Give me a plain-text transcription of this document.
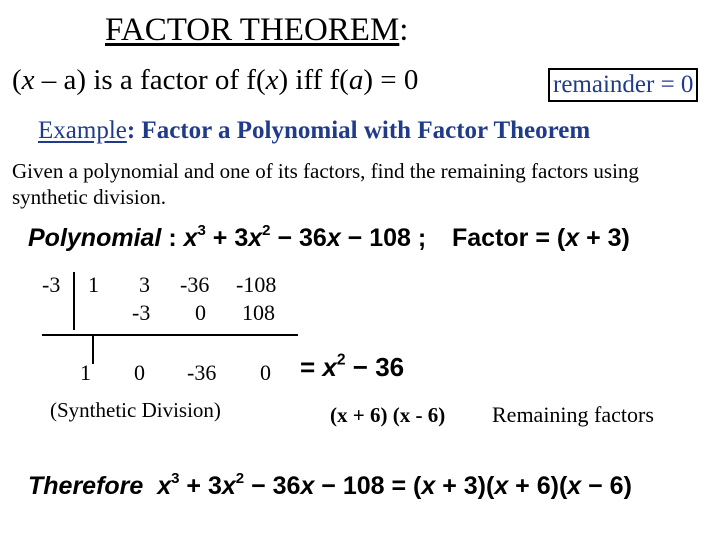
FACTOR THEOREM:
(x – a) is a factor of f(x) iff f(a) = 0	remainder = 0
Example: Factor a Polynomial with Factor Theorem
Given a polynomial and one of its factors, find the remaining factors using synthetic division.
Polynomial : $x^3 + 3x^2 - 36x - 108$ ; Factor = (x + 3)
-3 1 3 -36 -108
-3 0 108
1 0 -36 0
(Synthetic Division)
= $x^2 - 36$
(x + 6) (x - 6) Remaining factors
Therefore $x^3 + 3x^2 - 36x - 108 = (x + 3)(x + 6)(x - 6)$
